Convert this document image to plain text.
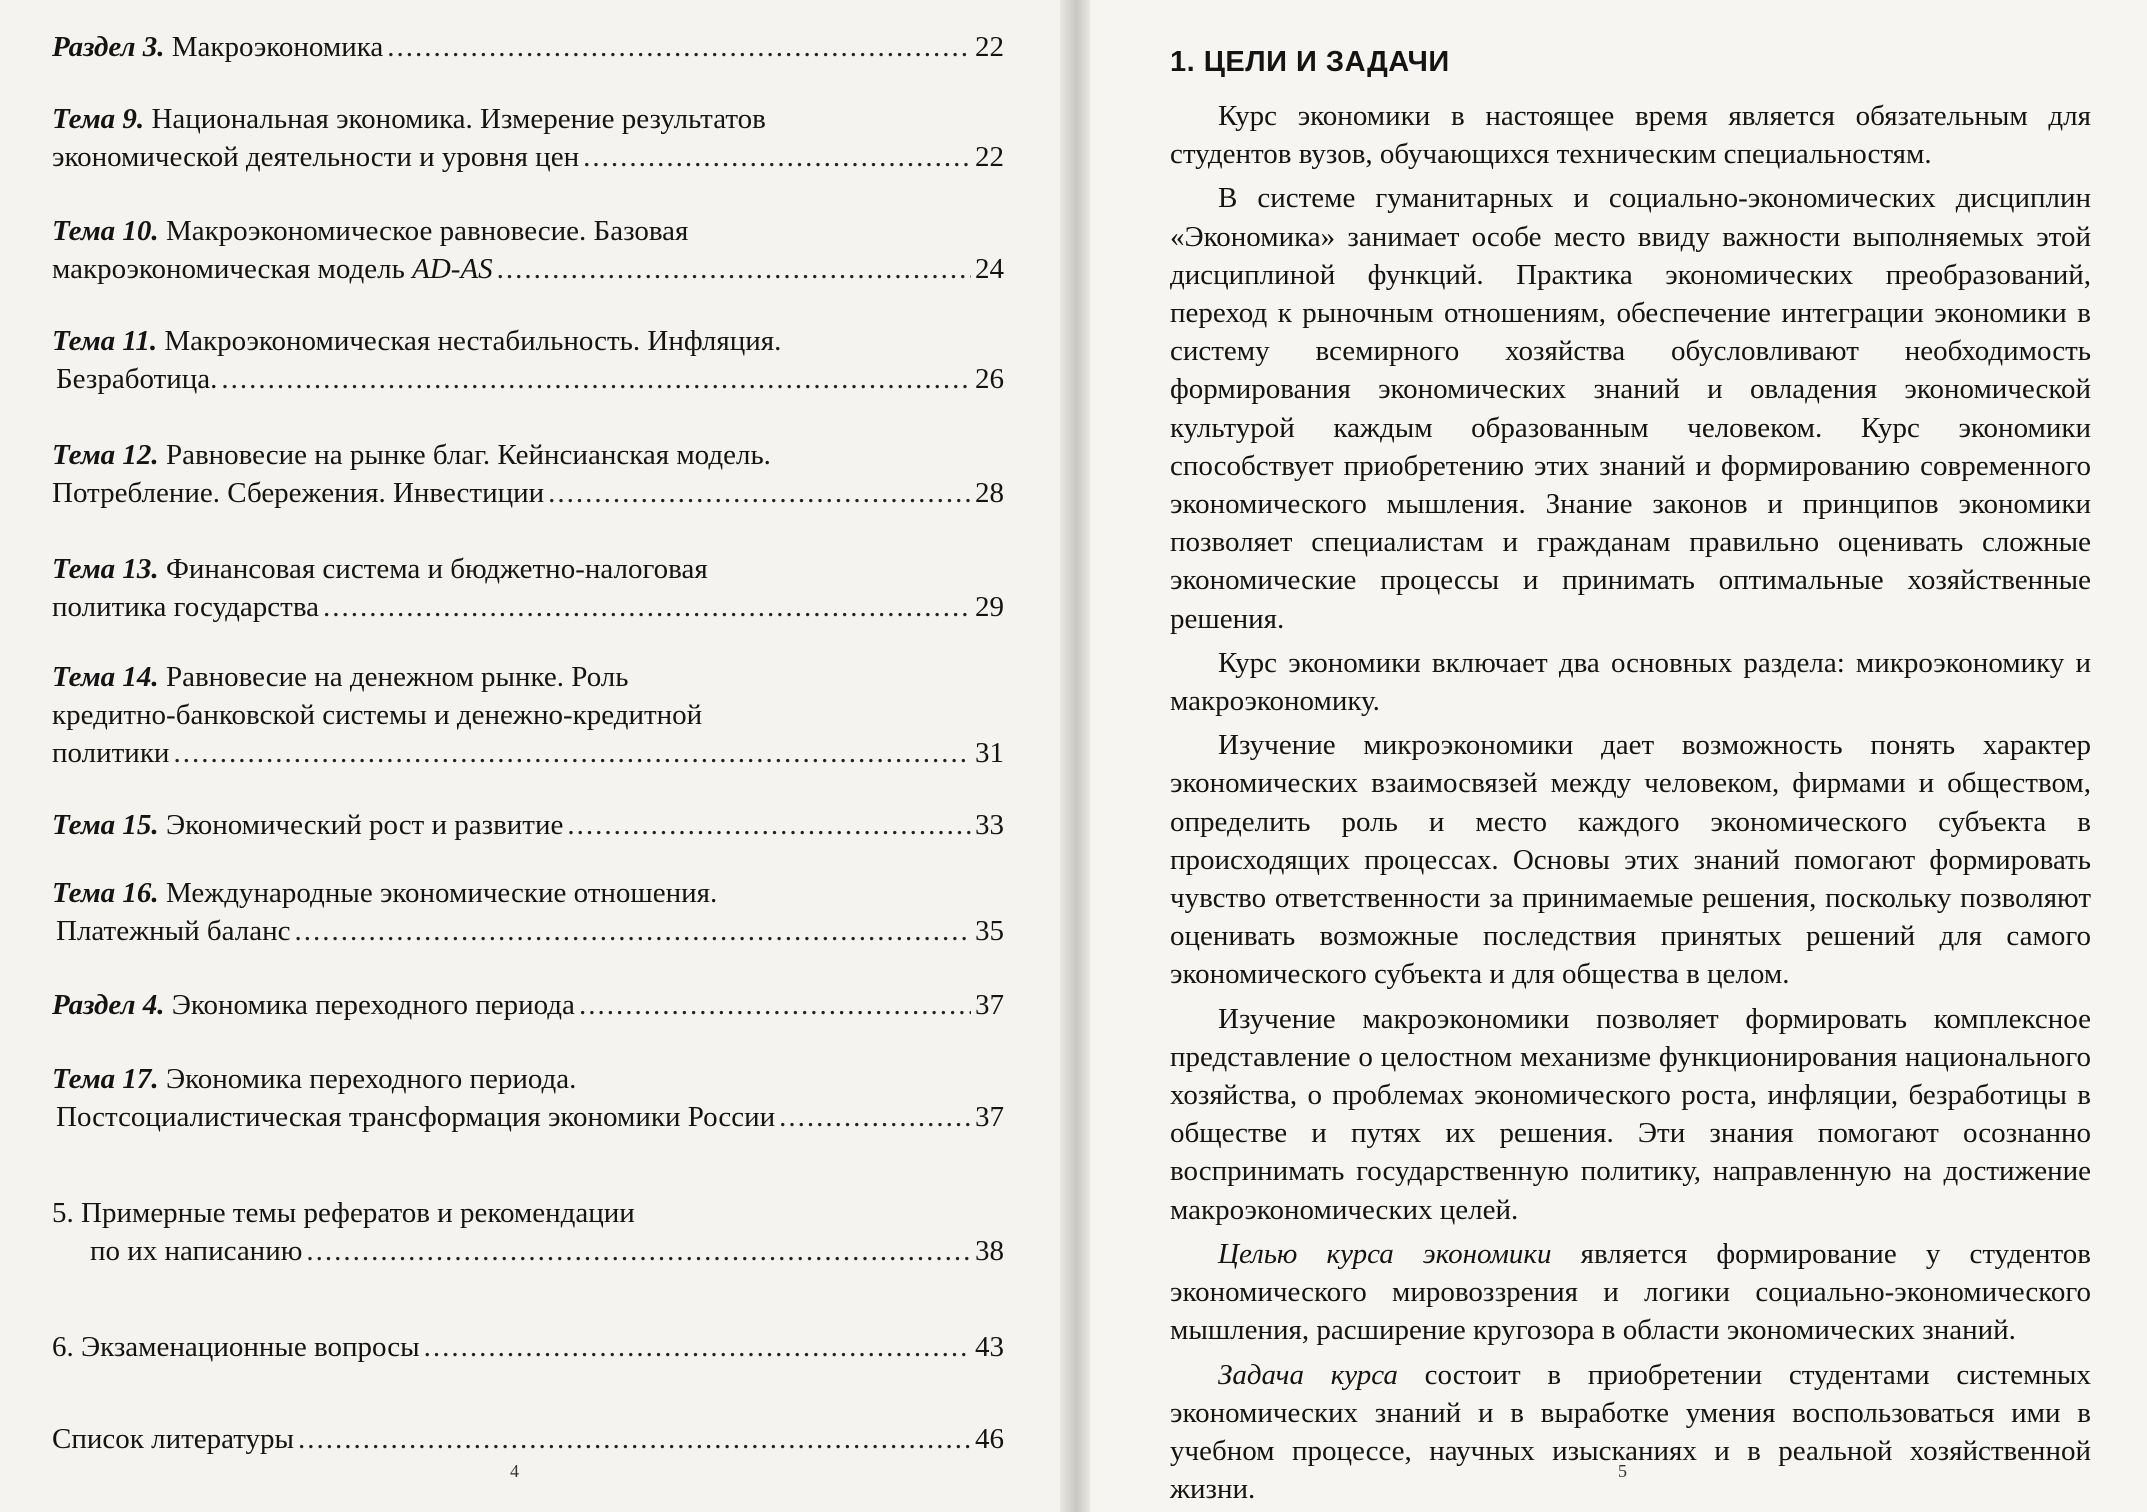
Раздел 3. Макроэкономика .....	22
Тема 9. Национальная экономика. Измерение результатов
экономической деятельности и уровня цен .....	22
Тема 10. Макроэкономическое равновесие. Базовая
макроэкономическая модель AD-AS .....	24
Тема 11. Макроэкономическая нестабильность. Инфляция.
Безработица. .....	26
Тема 12. Равновесие на рынке благ. Кейнсианская модель.
Потребление. Сбережения. Инвестиции .....	28
Тема 13. Финансовая система и бюджетно-налоговая
политика государства .....	29
Тема 14. Равновесие на денежном рынке. Роль
кредитно-банковской системы и денежно-кредитной
политики .....	31
Тема 15. Экономический рост и развитие .....	33
Тема 16. Международные экономические отношения.
Платежный баланс .....	35
Раздел 4. Экономика переходного периода .....	37
Тема 17. Экономика переходного периода.
Постсоциалистическая трансформация экономики России .....	37
5. Примерные темы рефератов и рекомендации
по их написанию .....	38
6. Экзаменационные вопросы .....	43
Список литературы .....	46
4
1. ЦЕЛИ И ЗАДАЧИ

Курс экономики в настоящее время является обязательным для студентов вузов, обучающихся техническим специальностям.

В системе гуманитарных и социально-экономических дисциплин «Экономика» занимает особе место ввиду важности выполняемых этой дисциплиной функций. Практика экономических преобразований, переход к рыночным отношениям, обеспечение интеграции экономики в систему всемирного хозяйства обусловливают необходимость формирования экономических знаний и овладения экономической культурой каждым образованным человеком. Курс экономики способствует приобретению этих знаний и формированию современного экономического мышления. Знание законов и принципов экономики позволяет специалистам и гражданам правильно оценивать сложные экономические процессы и принимать оптимальные хозяйственные решения.

Курс экономики включает два основных раздела: микроэкономику и макроэкономику.

Изучение микроэкономики дает возможность понять характер экономических взаимосвязей между человеком, фирмами и обществом, определить роль и место каждого экономического субъекта в происходящих процессах. Основы этих знаний помогают формировать чувство ответственности за принимаемые решения, поскольку позволяют оценивать возможные последствия принятых решений для самого экономического субъекта и для общества в целом.

Изучение макроэкономики позволяет формировать комплексное представление о целостном механизме функционирования национального хозяйства, о проблемах экономического роста, инфляции, безработицы в обществе и путях их решения. Эти знания помогают осознанно воспринимать государственную политику, направленную на достижение макроэкономических целей.

Целью курса экономики является формирование у студентов экономического мировоззрения и логики социально-экономического мышления, расширение кругозора в области экономических знаний.

Задача курса состоит в приобретении студентами системных экономических знаний и в выработке умения воспользоваться ими в учебном процессе, научных изысканиях и в реальной хозяйственной жизни.

5
